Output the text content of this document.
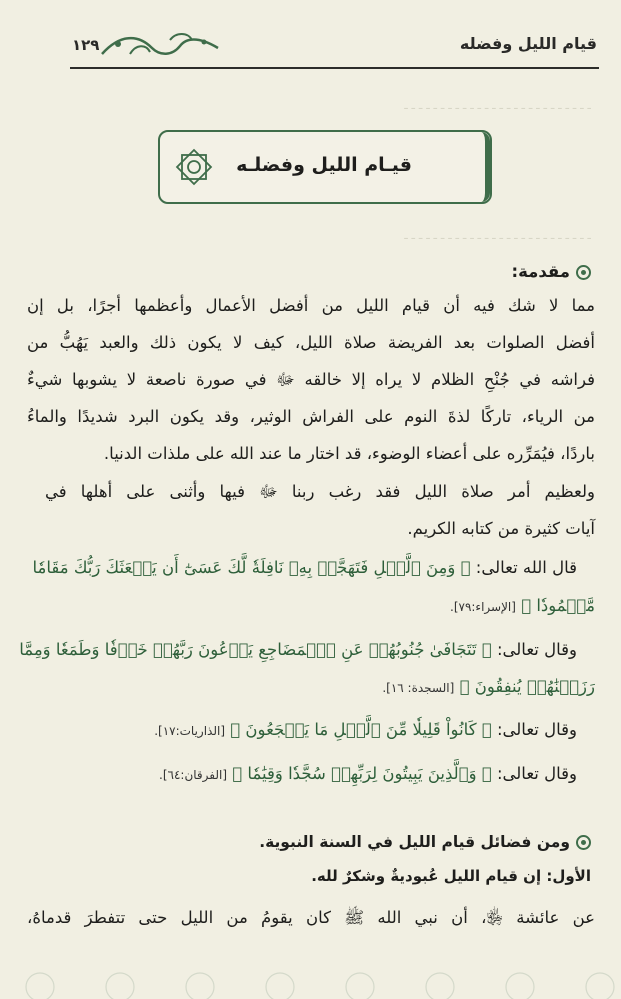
ـ ـ ـ ـ ـ ـ ـ ـ ـ ـ ـ ـ ـ ـ ـ ـ ـ ـ ـ ـ ـ ـ ـ ـ ـ ـ
ـ ـ ـ ـ ـ ـ ـ ـ ـ ـ ـ ـ ـ ـ ـ ـ ـ ـ ـ ـ ـ ـ ـ ـ ـ ـ
قيام الليل وفضله
١٢٩
قيـام الليل وفضلـه
مقدمة:
مما لا شك فيه أن قيام الليل من أفضل الأعمال وأعظمها أجرًا، بل إن
أفضل الصلوات بعد الفريضة صلاة الليل، كيف لا يكون ذلك والعبد يَهُبُّ من
فراشه في جُنْحِ الظلام لا يراه إلا خالقه ﷻ في صورة ناصعة لا يشوبها شيءٌ
من الرياء، تاركًا لذةَ النوم على الفراش الوثير، وقد يكون البرد شديدًا والماءُ
باردًا، فيُمَرِّره على أعضاء الوضوء، قد اختار ما عند الله على ملذات الدنيا.
ولعظيم أمر صلاة الليل فقد رغب ربنا ﷻ فيها وأثنى على أهلها في
آيات كثيرة من كتابه الكريم.
قال الله تعالى: ﴿ وَمِنَ ٱلَّيۡلِ فَتَهَجَّدۡ بِهِۦ نَافِلَةٗ لَّكَ عَسَىٰٓ أَن يَبۡعَثَكَ رَبُّكَ مَقَامٗا
مَّحۡمُودٗا ﴾ [الإسراء:٧٩].
وقال تعالى: ﴿ تَتَجَافَىٰ جُنُوبُهُمۡ عَنِ ٱلۡمَضَاجِعِ يَدۡعُونَ رَبَّهُمۡ خَوۡفٗا وَطَمَعٗا وَمِمَّا
رَزَقۡنَٰهُمۡ يُنفِقُونَ ﴾ [السجدة: ١٦].
وقال تعالى: ﴿ كَانُواْ قَلِيلٗا مِّنَ ٱلَّيۡلِ مَا يَهۡجَعُونَ ﴾ [الذاريات:١٧].
وقال تعالى: ﴿ وَٱلَّذِينَ يَبِيتُونَ لِرَبِّهِمۡ سُجَّدٗا وَقِيَٰمٗا ﴾ [الفرقان:٦٤].
ومن فضائل قيام الليل في السنة النبوية.
الأول: إن قيام الليل عُبوديةٌ وشكرٌ لله.
عن عائشة ﵂، أن نبي الله ﷺ كان يقومُ من الليل حتى تتفطرَ قدماهُ،
